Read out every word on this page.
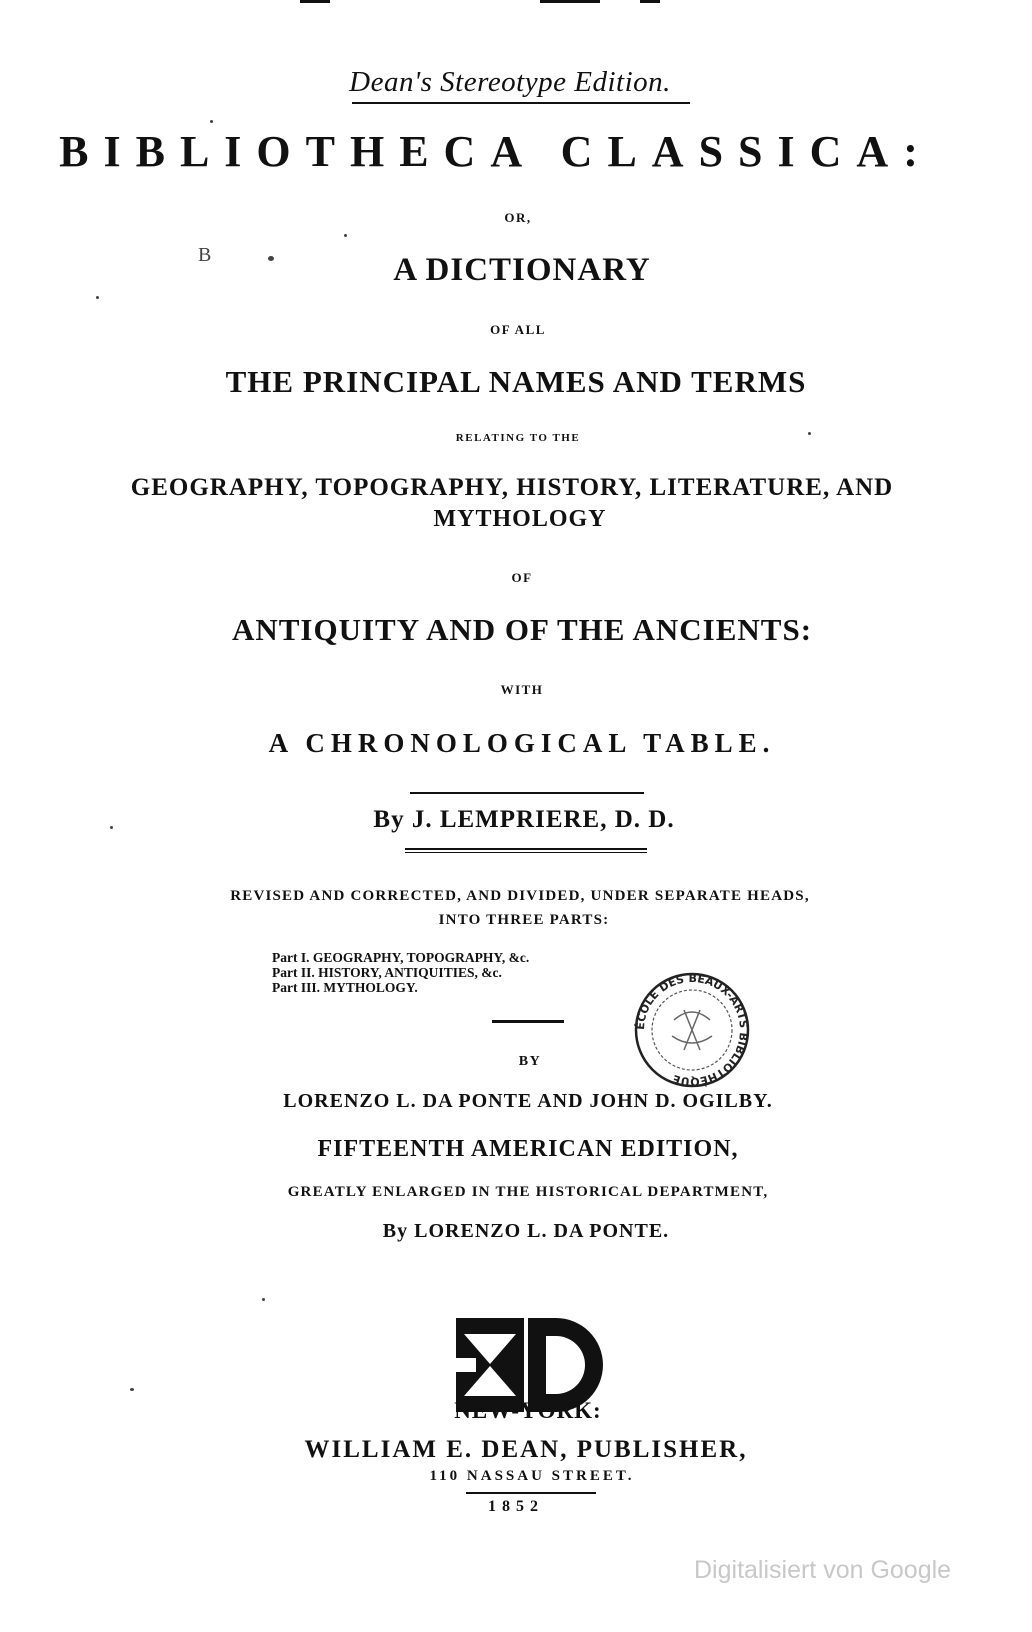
B
Dean's Stereotype Edition.
BIBLIOTHECA CLASSICA:
OR,
A DICTIONARY
OF ALL
THE PRINCIPAL NAMES AND TERMS
RELATING TO THE
GEOGRAPHY, TOPOGRAPHY, HISTORY, LITERATURE, AND
MYTHOLOGY
OF
ANTIQUITY AND OF THE ANCIENTS:
WITH
A CHRONOLOGICAL TABLE.
By J. LEMPRIERE, D. D.
REVISED AND CORRECTED, AND DIVIDED, UNDER SEPARATE HEADS,
INTO THREE PARTS:
Part I. GEOGRAPHY, TOPOGRAPHY, &c.
Part II. HISTORY, ANTIQUITIES, &c.
Part III. MYTHOLOGY.
ÉCOLE DES BEAUX-ARTS BIBLIOTHÈQUE
BY
LORENZO L. DA PONTE AND JOHN D. OGILBY.
FIFTEENTH AMERICAN EDITION,
GREATLY ENLARGED IN THE HISTORICAL DEPARTMENT,
By LORENZO L. DA PONTE.
NEW-YORK:
WILLIAM E. DEAN, PUBLISHER,
110 NASSAU STREET.
1852
Digitalisiert von Google
